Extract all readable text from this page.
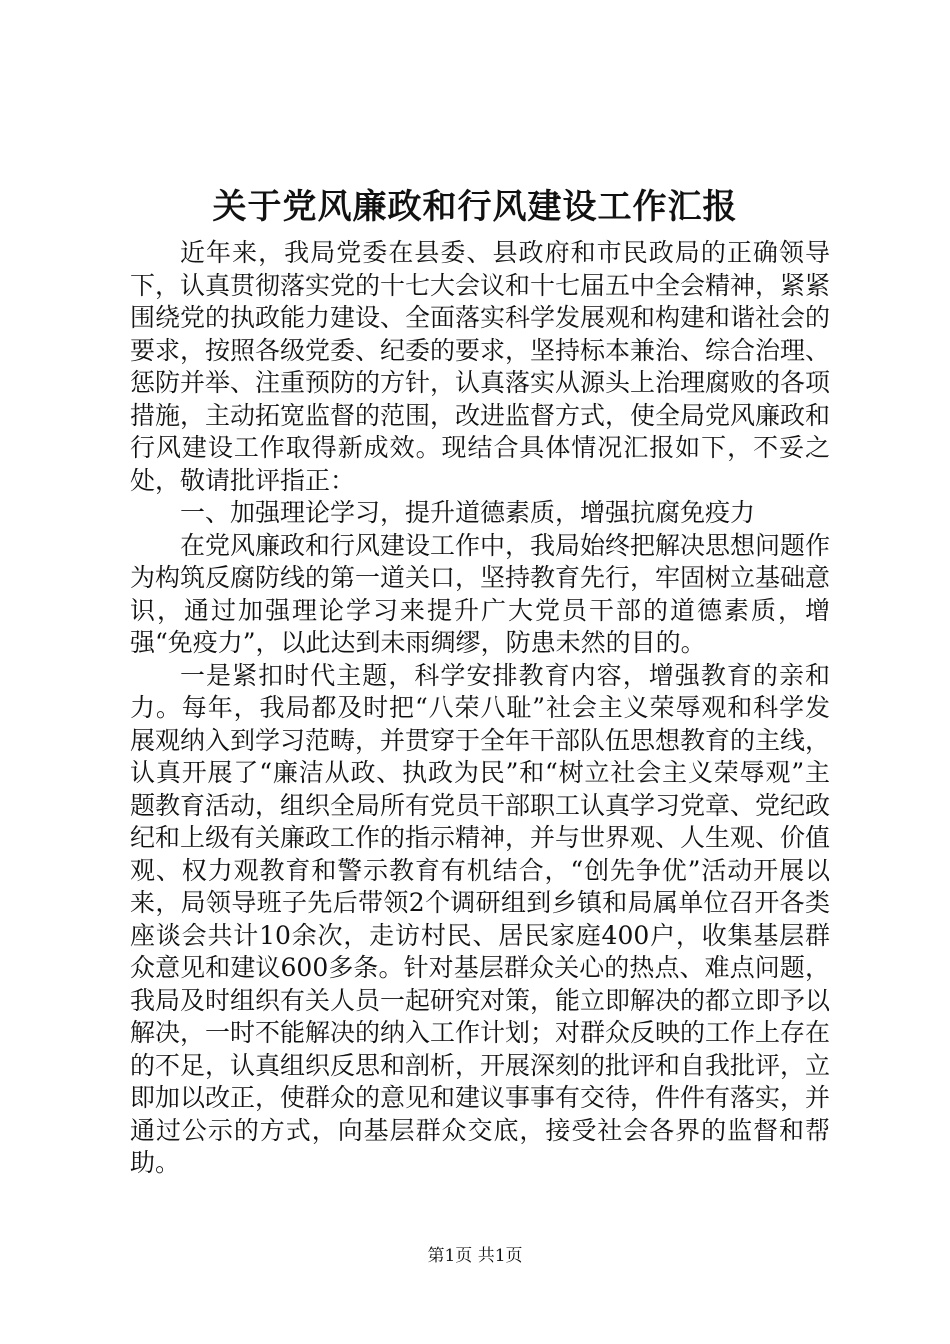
关于党风廉政和行风建设工作汇报

近年来，我局党委在县委、县政府和市民政局的正确领导下，认真贯彻落实党的十七大会议和十七届五中全会精神，紧紧围绕党的执政能力建设、全面落实科学发展观和构建和谐社会的要求，按照各级党委、纪委的要求，坚持标本兼治、综合治理、惩防并举、注重预防的方针，认真落实从源头上治理腐败的各项措施，主动拓宽监督的范围，改进监督方式，使全局党风廉政和行风建设工作取得新成效。现结合具体情况汇报如下，不妥之处，敬请批评指正：

一、加强理论学习，提升道德素质，增强抗腐免疫力

在党风廉政和行风建设工作中，我局始终把解决思想问题作为构筑反腐防线的第一道关口，坚持教育先行，牢固树立基础意识，通过加强理论学习来提升广大党员干部的道德素质，增强“免疫力”，以此达到未雨绸缪，防患未然的目的。

一是紧扣时代主题，科学安排教育内容，增强教育的亲和力。每年，我局都及时把“八荣八耻”社会主义荣辱观和科学发展观纳入到学习范畴，并贯穿于全年干部队伍思想教育的主线，认真开展了“廉洁从政、执政为民”和“树立社会主义荣辱观”主题教育活动，组织全局所有党员干部职工认真学习党章、党纪政纪和上级有关廉政工作的指示精神，并与世界观、人生观、价值观、权力观教育和警示教育有机结合，“创先争优”活动开展以来，局领导班子先后带领2个调研组到乡镇和局属单位召开各类座谈会共计10余次，走访村民、居民家庭400户，收集基层群众意见和建议600多条。针对基层群众关心的热点、难点问题，我局及时组织有关人员一起研究对策，能立即解决的都立即予以解决，一时不能解决的纳入工作计划；对群众反映的工作上存在的不足，认真组织反思和剖析，开展深刻的批评和自我批评，立即加以改正，使群众的意见和建议事事有交待，件件有落实，并通过公示的方式，向基层群众交底，接受社会各界的监督和帮助。

第1页 共1页
